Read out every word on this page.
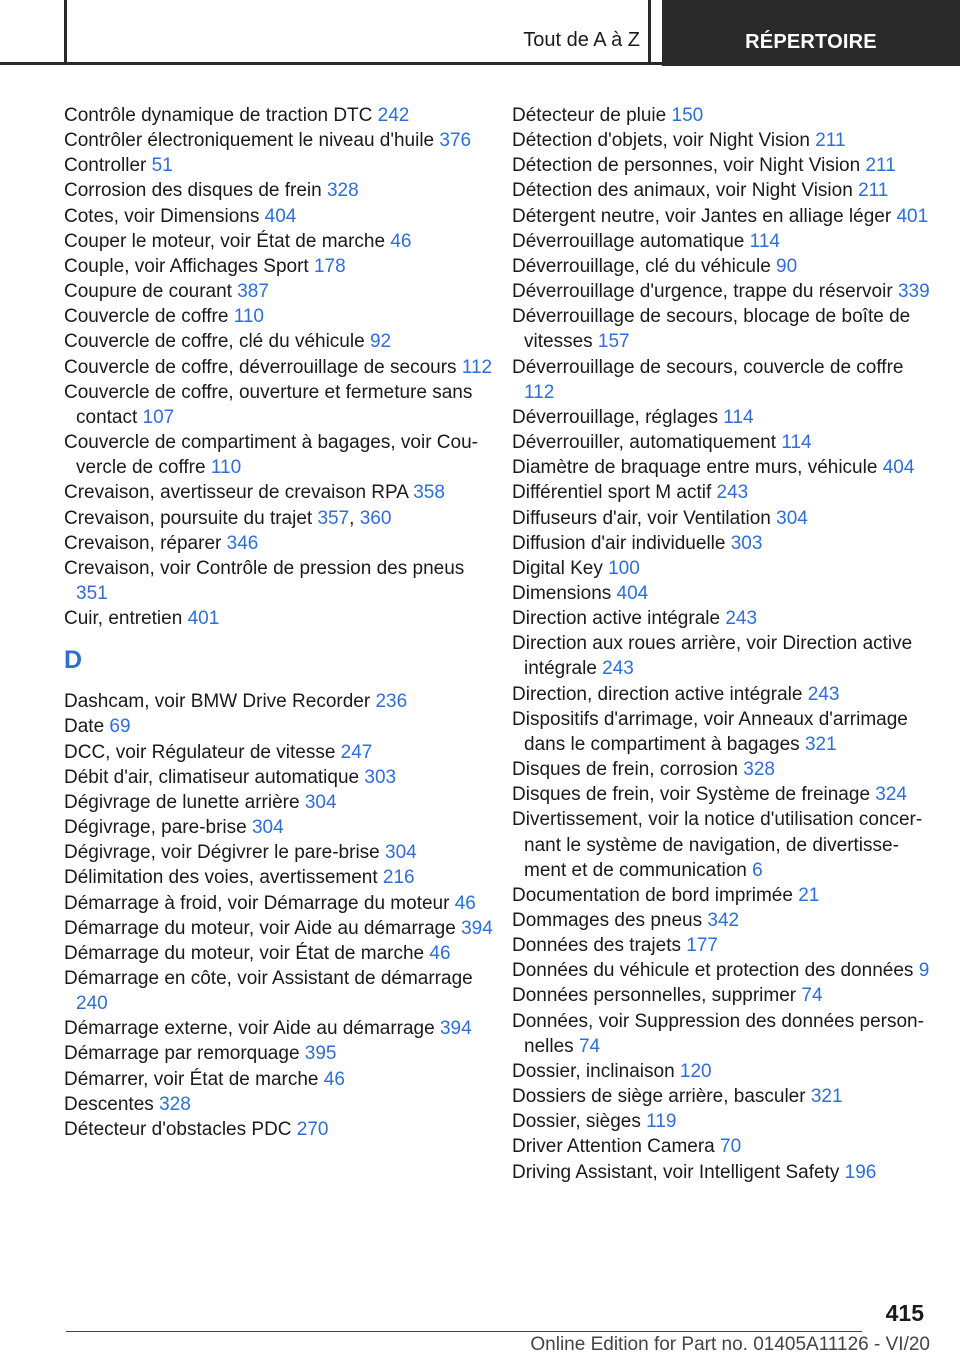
Tout de A à Z	RÉPERTOIRE
Contrôle dynamique de traction DTC 242
Contrôler électroniquement le niveau d'huile 376
Controller 51
Corrosion des disques de frein 328
Cotes, voir Dimensions 404
Couper le moteur, voir État de marche 46
Couple, voir Affichages Sport 178
Coupure de courant 387
Couvercle de coffre 110
Couvercle de coffre, clé du véhicule 92
Couvercle de coffre, déverrouillage de secours 112
Couvercle de coffre, ouverture et fermeture sans contact 107
Couvercle de compartiment à bagages, voir Couvercle de coffre 110
Crevaison, avertisseur de crevaison RPA 358
Crevaison, poursuite du trajet 357, 360
Crevaison, réparer 346
Crevaison, voir Contrôle de pression des pneus 351
Cuir, entretien 401
D
Dashcam, voir BMW Drive Recorder 236
Date 69
DCC, voir Régulateur de vitesse 247
Débit d'air, climatiseur automatique 303
Dégivrage de lunette arrière 304
Dégivrage, pare-brise 304
Dégivrage, voir Dégivrer le pare-brise 304
Délimitation des voies, avertissement 216
Démarrage à froid, voir Démarrage du moteur 46
Démarrage du moteur, voir Aide au démarrage 394
Démarrage du moteur, voir État de marche 46
Démarrage en côte, voir Assistant de démarrage 240
Démarrage externe, voir Aide au démarrage 394
Démarrage par remorquage 395
Démarrer, voir État de marche 46
Descentes 328
Détecteur d'obstacles PDC 270
Détecteur de pluie 150
Détection d'objets, voir Night Vision 211
Détection de personnes, voir Night Vision 211
Détection des animaux, voir Night Vision 211
Détergent neutre, voir Jantes en alliage léger 401
Déverrouillage automatique 114
Déverrouillage, clé du véhicule 90
Déverrouillage d'urgence, trappe du réservoir 339
Déverrouillage de secours, blocage de boîte de vitesses 157
Déverrouillage de secours, couvercle de coffre 112
Déverrouillage, réglages 114
Déverrouiller, automatiquement 114
Diamètre de braquage entre murs, véhicule 404
Différentiel sport M actif 243
Diffuseurs d'air, voir Ventilation 304
Diffusion d'air individuelle 303
Digital Key 100
Dimensions 404
Direction active intégrale 243
Direction aux roues arrière, voir Direction active intégrale 243
Direction, direction active intégrale 243
Dispositifs d'arrimage, voir Anneaux d'arrimage dans le compartiment à bagages 321
Disques de frein, corrosion 328
Disques de frein, voir Système de freinage 324
Divertissement, voir la notice d'utilisation concernant le système de navigation, de divertissement et de communication 6
Documentation de bord imprimée 21
Dommages des pneus 342
Données des trajets 177
Données du véhicule et protection des données 9
Données personnelles, supprimer 74
Données, voir Suppression des données personnelles 74
Dossier, inclinaison 120
Dossiers de siège arrière, basculer 321
Dossier, sièges 119
Driver Attention Camera 70
Driving Assistant, voir Intelligent Safety 196
415
Online Edition for Part no. 01405A11126 - VI/20
